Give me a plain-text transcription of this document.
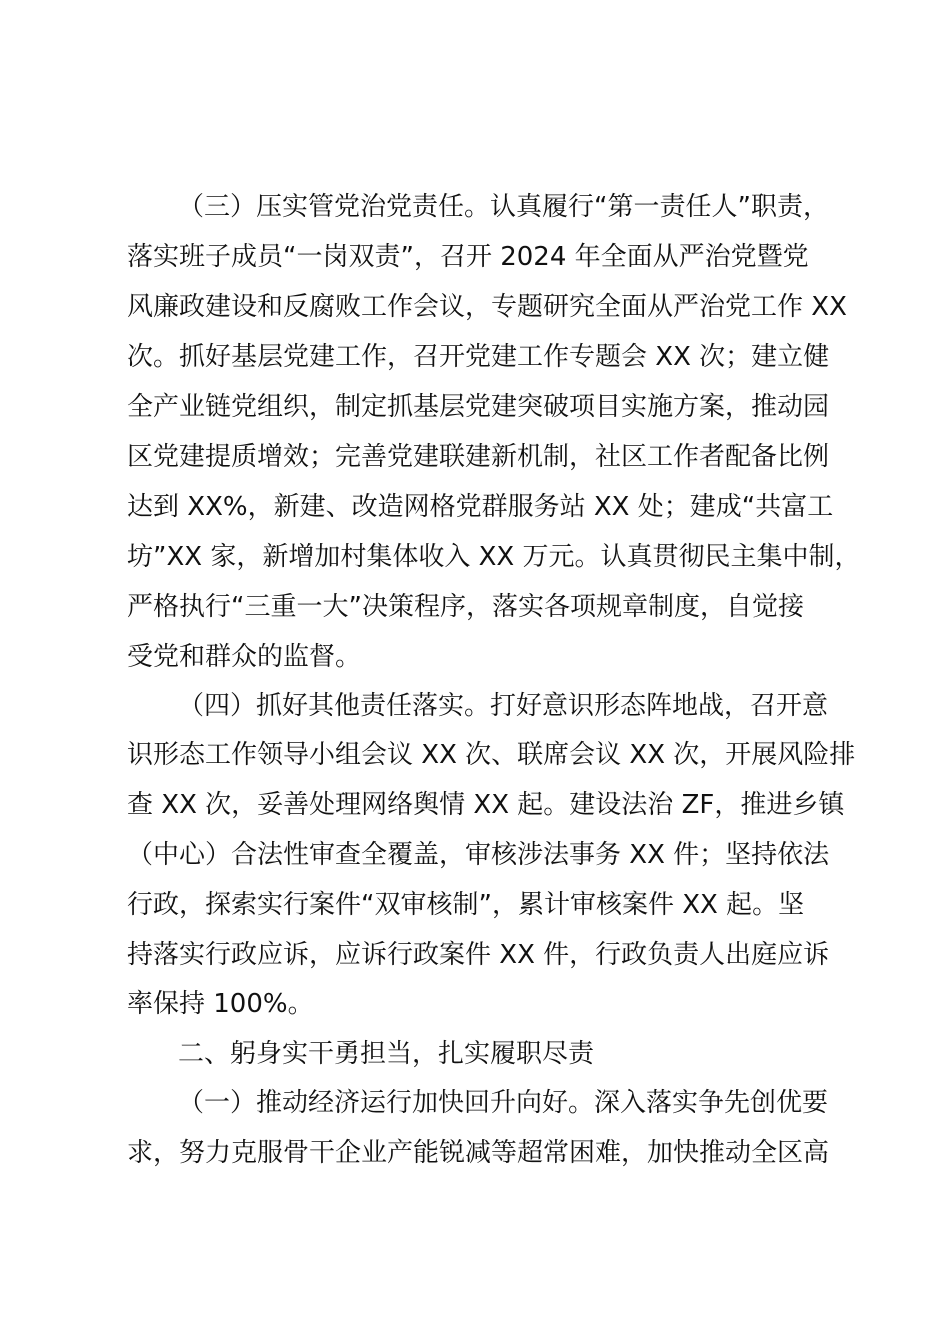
（三）压实管党治党责任。认真履行“第一责任人”职责，
落实班子成员“一岗双责”，召开 2024 年全面从严治党暨党
风廉政建设和反腐败工作会议，专题研究全面从严治党工作 XX
次。抓好基层党建工作，召开党建工作专题会 XX 次；建立健
全产业链党组织，制定抓基层党建突破项目实施方案，推动园
区党建提质增效；完善党建联建新机制，社区工作者配备比例
达到 XX%，新建、改造网格党群服务站 XX 处；建成“共富工
坊”XX 家，新增加村集体收入 XX 万元。认真贯彻民主集中制，
严格执行“三重一大”决策程序，落实各项规章制度，自觉接
受党和群众的监督。
（四）抓好其他责任落实。打好意识形态阵地战，召开意
识形态工作领导小组会议 XX 次、联席会议 XX 次，开展风险排
查 XX 次，妥善处理网络舆情 XX 起。建设法治 ZF，推进乡镇
（中心）合法性审查全覆盖，审核涉法事务 XX 件；坚持依法
行政，探索实行案件“双审核制”，累计审核案件 XX 起。坚
持落实行政应诉，应诉行政案件 XX 件，行政负责人出庭应诉
率保持 100%。
二、躬身实干勇担当，扎实履职尽责
（一）推动经济运行加快回升向好。深入落实争先创优要
求，努力克服骨干企业产能锐减等超常困难，加快推动全区高
